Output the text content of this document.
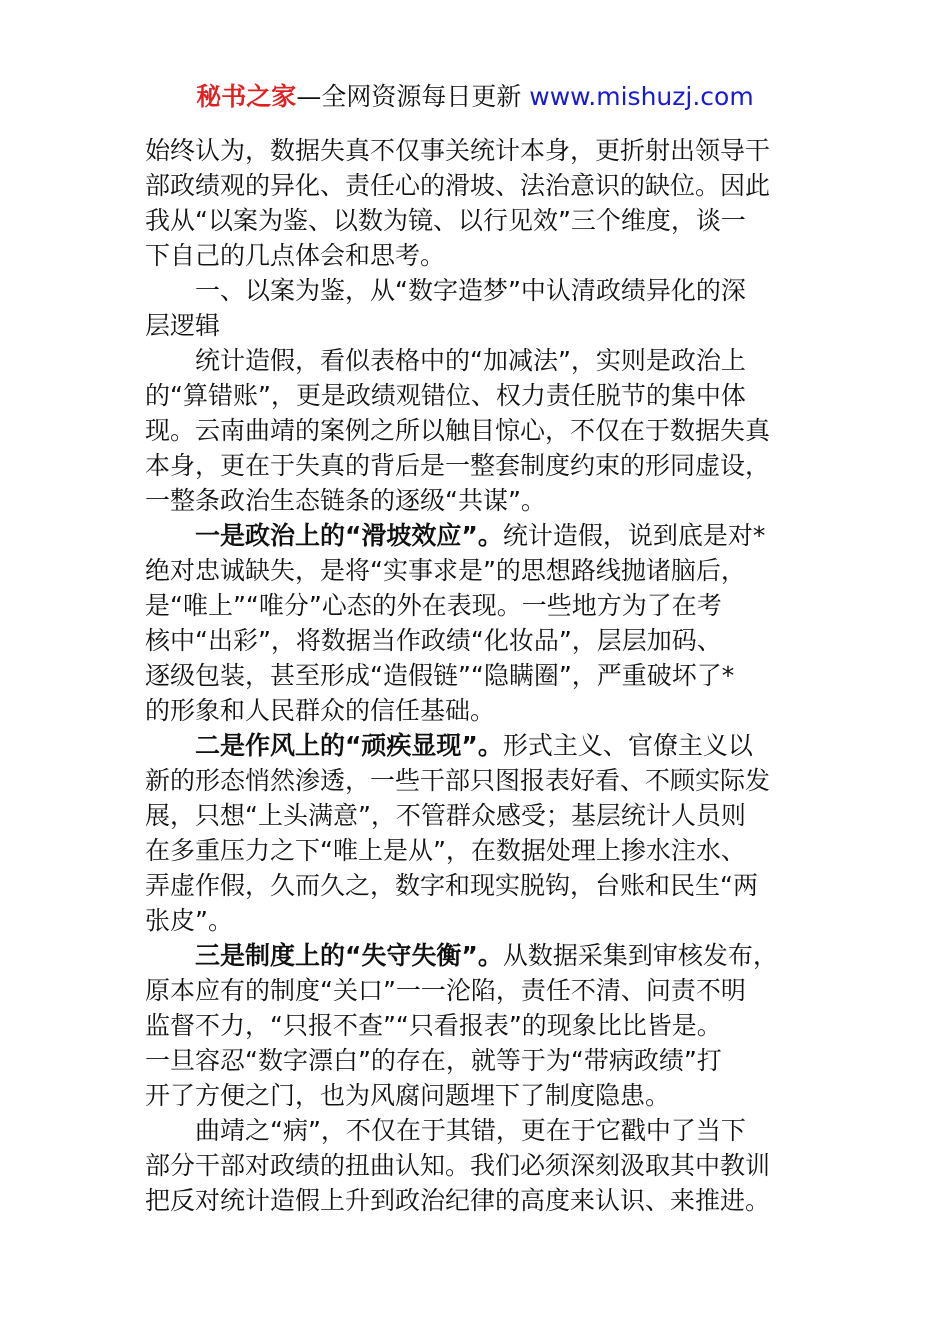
秘书之家—全网资源每日更新 www.mishuzj.com
始终认为，数据失真不仅事关统计本身，更折射出领导干
部政绩观的异化、责任心的滑坡、法治意识的缺位。因此
我从“以案为鉴、以数为镜、以行见效”三个维度，谈一
下自己的几点体会和思考。
一、以案为鉴，从“数字造梦”中认清政绩异化的深
层逻辑
统计造假，看似表格中的“加减法”，实则是政治上
的“算错账”，更是政绩观错位、权力责任脱节的集中体
现。云南曲靖的案例之所以触目惊心，不仅在于数据失真
本身，更在于失真的背后是一整套制度约束的形同虚设，
一整条政治生态链条的逐级“共谋”。
一是政治上的“滑坡效应”。统计造假，说到底是对*
绝对忠诚缺失，是将“实事求是”的思想路线抛诸脑后，
是“唯上”“唯分”心态的外在表现。一些地方为了在考
核中“出彩”，将数据当作政绩“化妆品”，层层加码、
逐级包装，甚至形成“造假链”“隐瞒圈”，严重破坏了*
的形象和人民群众的信任基础。
二是作风上的“顽疾显现”。形式主义、官僚主义以
新的形态悄然渗透，一些干部只图报表好看、不顾实际发
展，只想“上头满意”，不管群众感受；基层统计人员则
在多重压力之下“唯上是从”，在数据处理上掺水注水、
弄虚作假，久而久之，数字和现实脱钩，台账和民生“两
张皮”。
三是制度上的“失守失衡”。从数据采集到审核发布，
原本应有的制度“关口”一一沦陷，责任不清、问责不明
监督不力，“只报不查”“只看报表”的现象比比皆是。
一旦容忍“数字漂白”的存在，就等于为“带病政绩”打
开了方便之门，也为风腐问题埋下了制度隐患。
曲靖之“病”，不仅在于其错，更在于它戳中了当下
部分干部对政绩的扭曲认知。我们必须深刻汲取其中教训
把反对统计造假上升到政治纪律的高度来认识、来推进。
